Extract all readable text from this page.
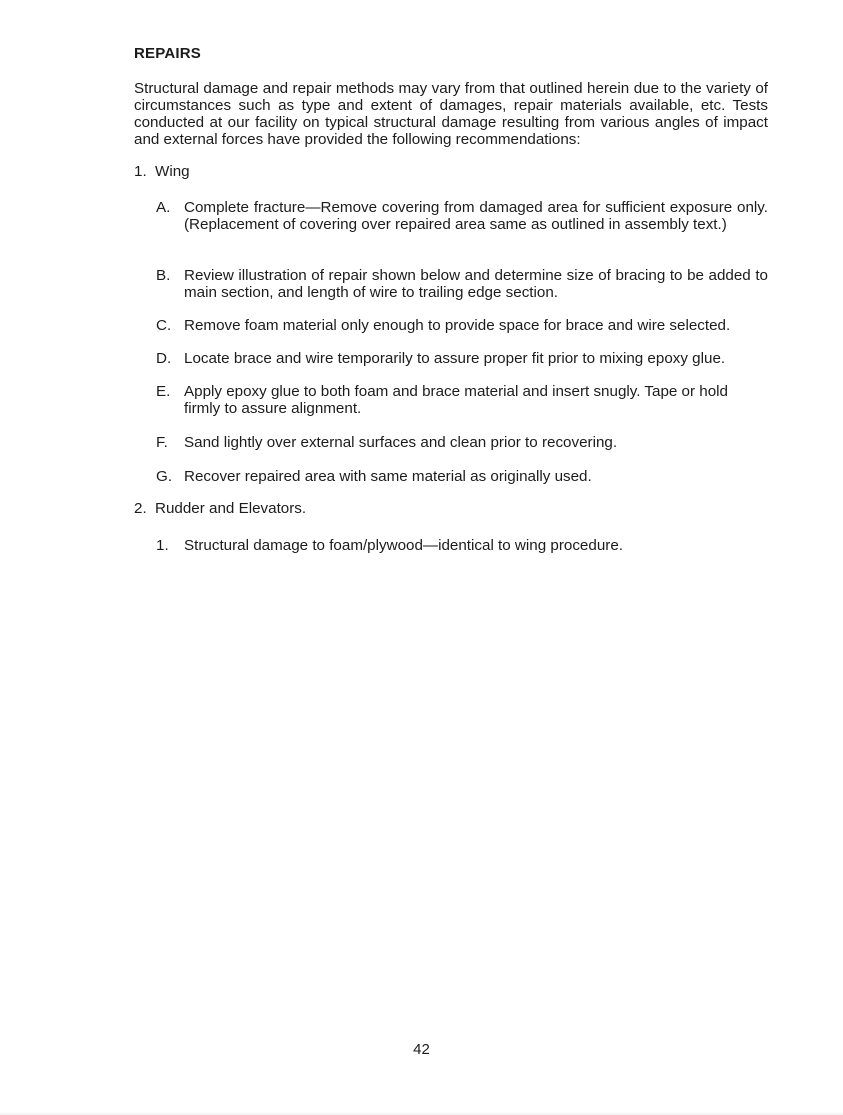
REPAIRS

Structural damage and repair methods may vary from that outlined herein due to the variety of circumstances such as type and extent of damages, repair materials available, etc. Tests conducted at our facility on typical structural damage resulting from various angles of impact and external forces have provided the following recommendations:

1. Wing
A. Complete fracture—Remove covering from damaged area for sufficient exposure only. (Replacement of covering over repaired area same as outlined in assembly text.)
B. Review illustration of repair shown below and determine size of bracing to be added to main section, and length of wire to trailing edge section.
C. Remove foam material only enough to provide space for brace and wire selected.
D. Locate brace and wire temporarily to assure proper fit prior to mixing epoxy glue.
E. Apply epoxy glue to both foam and brace material and insert snugly. Tape or hold firmly to assure alignment.
F.	Sand lightly over external surfaces and clean prior to recovering.
G. Recover repaired area with same material as originally used.
2. Rudder and Elevators.
1.	Structural damage to foam/plywood—identical to wing procedure.

42
